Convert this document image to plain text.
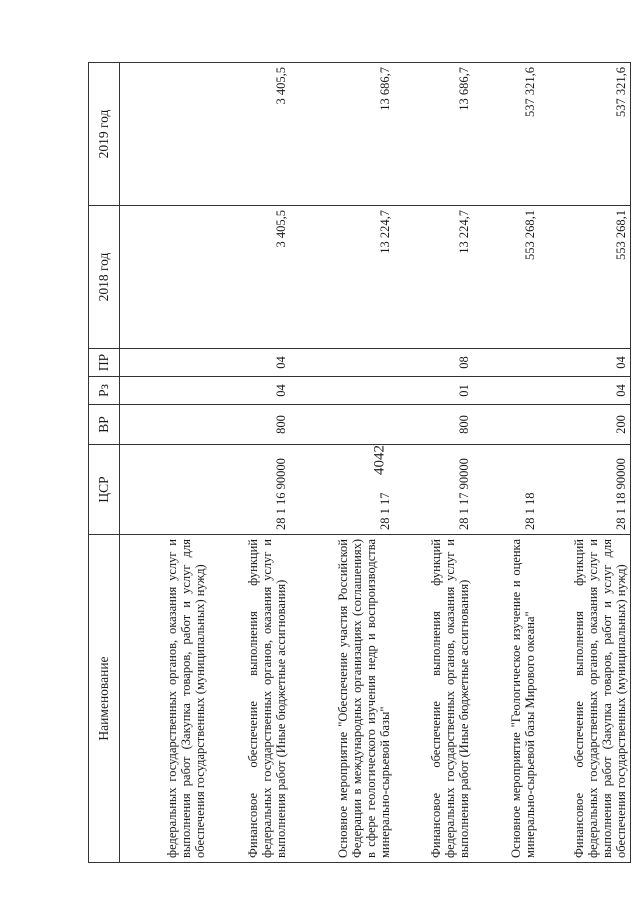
4042
Наименование	ЦСР	ВР	Рз	ПР	2018 год	2019 год
федеральных государственных органов, оказания услуг и выполнения работ (Закупка товаров, работ и услуг для обеспечения государственных (муниципальных) нужд)						
Финансовое обеспечение выполнения функций федеральных государственных органов, оказания услуг и выполнения работ (Иные бюджетные ассигнования)	28 1 16 90000	800	04	04	3 405,5	3 405,5
Основное мероприятие "Обеспечение участия Российской Федерации в международных организациях (соглашениях) в сфере геологического изучения недр и воспроизводства минерально-сырьевой базы"	28 1 17				13 224,7	13 686,7
Финансовое обеспечение выполнения функций федеральных государственных органов, оказания услуг и выполнения работ (Иные бюджетные ассигнования)	28 1 17 90000	800	01	08	13 224,7	13 686,7
Основное мероприятие "Геологическое изучение и оценка минерально-сырьевой базы Мирового океана"	28 1 18				553 268,1	537 321,6
Финансовое обеспечение выполнения функций федеральных государственных органов, оказания услуг и выполнения работ (Закупка товаров, работ и услуг для обеспечения государственных (муниципальных) нужд)	28 1 18 90000	200	04	04	553 268,1	537 321,6
